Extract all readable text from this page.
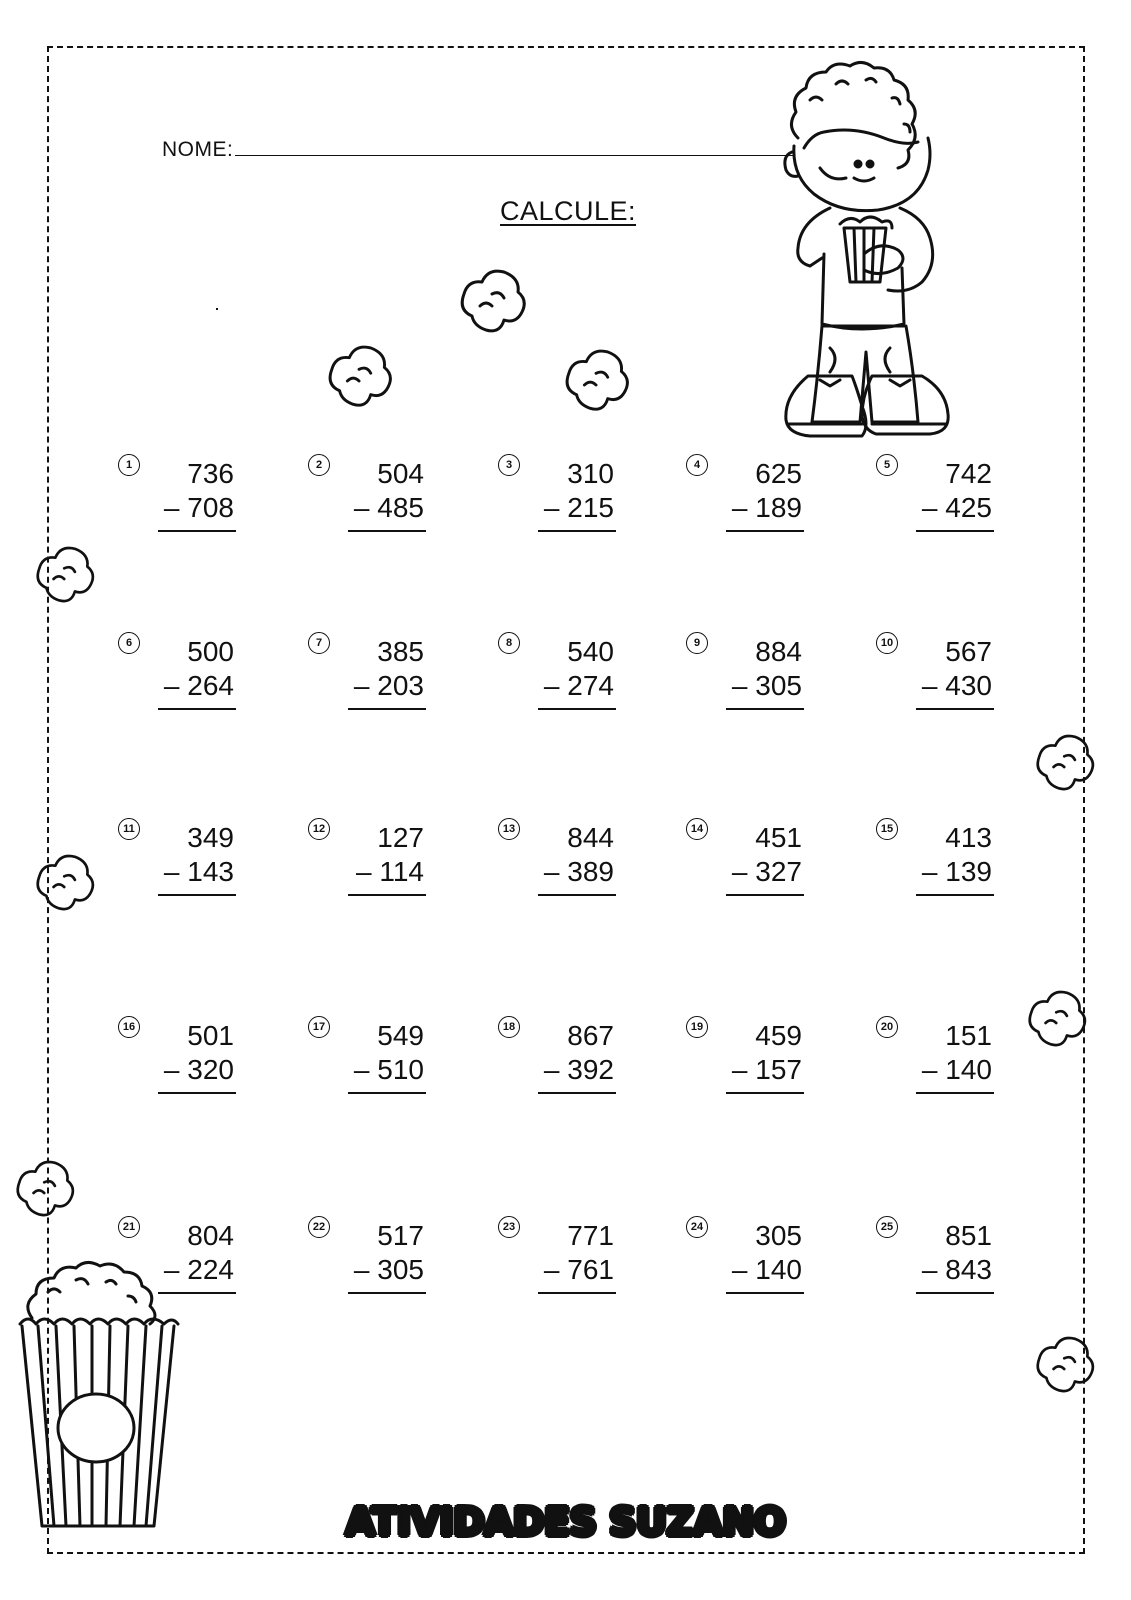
NOME:
CALCULE:
1 736
– 708
2 504
– 485
3 310
– 215
4 625
– 189
5 742
– 425
6 500
– 264
7 385
– 203
8 540
– 274
9 884
– 305
10 567
– 430
11 349
– 143
12 127
– 114
13 844
– 389
14 451
– 327
15 413
– 139
16 501
– 320
17 549
– 510
18 867
– 392
19 459
– 157
20 151
– 140
21 804
– 224
22 517
– 305
23 771
– 761
24 305
– 140
25 851
– 843
ATIVIDADES SUZANO
